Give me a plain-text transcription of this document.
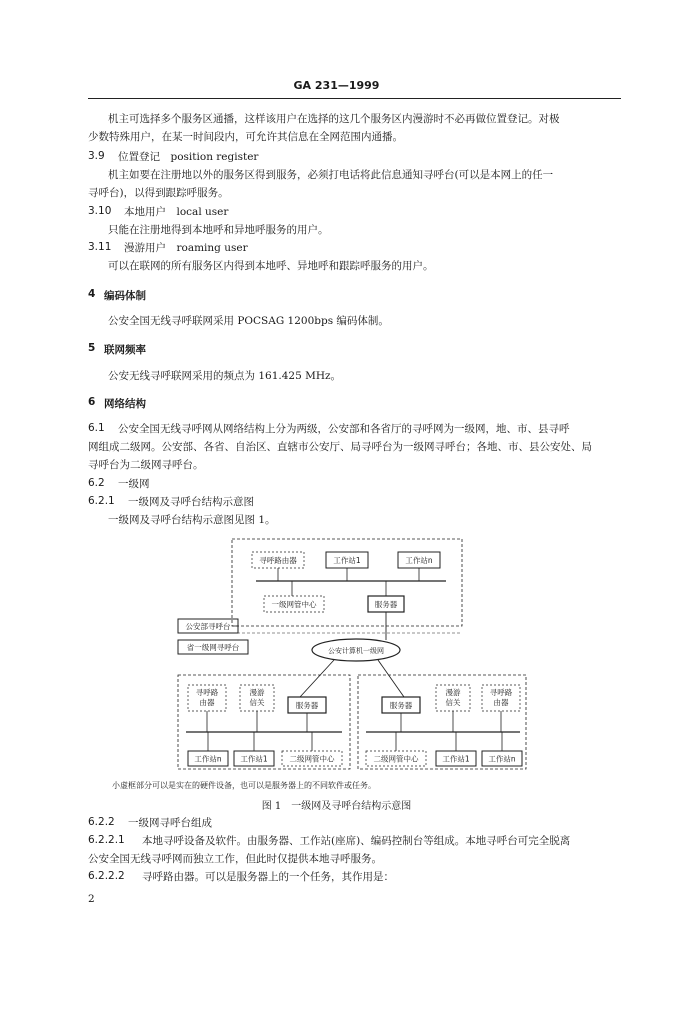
GA 231—1999
机主可选择多个服务区通播，这样该用户在选择的这几个服务区内漫游时不必再做位置登记。对极
少数特殊用户，在某一时间段内，可允许其信息在全网范围内通播。
3.9 位置登记　position register
机主如要在注册地以外的服务区得到服务，必须打电话将此信息通知寻呼台(可以是本网上的任一
寻呼台)，以得到跟踪呼服务。
3.10 本地用户　local user
只能在注册地得到本地呼和异地呼服务的用户。
3.11 漫游用户　roaming user
可以在联网的所有服务区内得到本地呼、异地呼和跟踪呼服务的用户。
4 编码体制
公安全国无线寻呼联网采用 POCSAG 1200bps 编码体制。
5 联网频率
公安无线寻呼联网采用的频点为 161.425 MHz。
6 网络结构
6.1 公安全国无线寻呼网从网络结构上分为两级，公安部和各省厅的寻呼网为一级网，地、市、县寻呼
网组成二级网。公安部、各省、自治区、直辖市公安厅、局寻呼台为一级网寻呼台；各地、市、县公安处、局
寻呼台为二级网寻呼台。
6.2 一级网
6.2.1 一级网及寻呼台结构示意图
一级网及寻呼台结构示意图见图 1。
寻呼路由器	工作站1	工作站n
一级网管中心	服务器
公安部寻呼台
省一级网寻呼台	公安计算机一级网
寻呼路
由器
漫游
信关	服务器
工作站n 工作站1	二级网管中心
服务器
漫游
信关
寻呼路
由器
二级网管中心	工作站1 工作站n
小虚框部分可以是实在的硬件设备，也可以是服务器上的不同软件或任务。
图 1　一级网及寻呼台结构示意图
6.2.2 一级网寻呼台组成
6.2.2.1 本地寻呼设备及软件。由服务器、工作站(座席)、编码控制台等组成。本地寻呼台可完全脱离
公安全国无线寻呼网而独立工作，但此时仅提供本地寻呼服务。
6.2.2.2 寻呼路由器。可以是服务器上的一个任务，其作用是：
2
